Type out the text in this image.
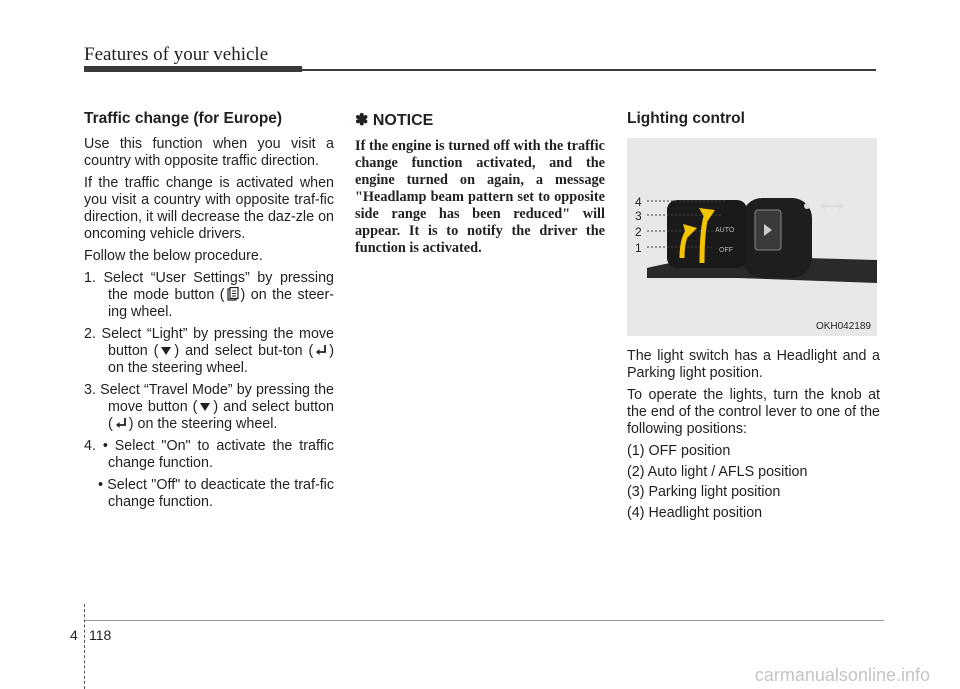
Features of your vehicle
Traffic change (for Europe)
Use this function when you visit a country with opposite traffic direction.
If the traffic change is activated when you visit a country with opposite traf-fic direction, it will decrease the daz-zle on oncoming vehicle drivers.
Follow the below procedure.
1. Select “User Settings” by pressing the mode button ( ) on the steer-ing wheel.
2. Select “Light” by pressing the move button ( ) and select but-ton ( ) on the steering wheel.
3. Select “Travel Mode” by pressing the move button ( ) and select button ( ) on the steering wheel.
4. • Select "On" to activate the traffic change function.
• Select "Off" to deacticate the traf-fic change function.
✽ NOTICE
If the engine is turned off with the traffic change function activated, and the engine turned on again, a message "Headlamp beam pattern set to opposite side range has been reduced" will appear. It is to notify the driver the function is activated.
Lighting control
AUTO
OFF
4
3
2
1
OKH042189
The light switch has a Headlight and a Parking light position.
To operate the lights, turn the knob at the end of the control lever to one of the following positions:
(1) OFF position
(2) Auto light / AFLS position
(3) Parking light position
(4) Headlight position
4 118
carmanualsonline.info
